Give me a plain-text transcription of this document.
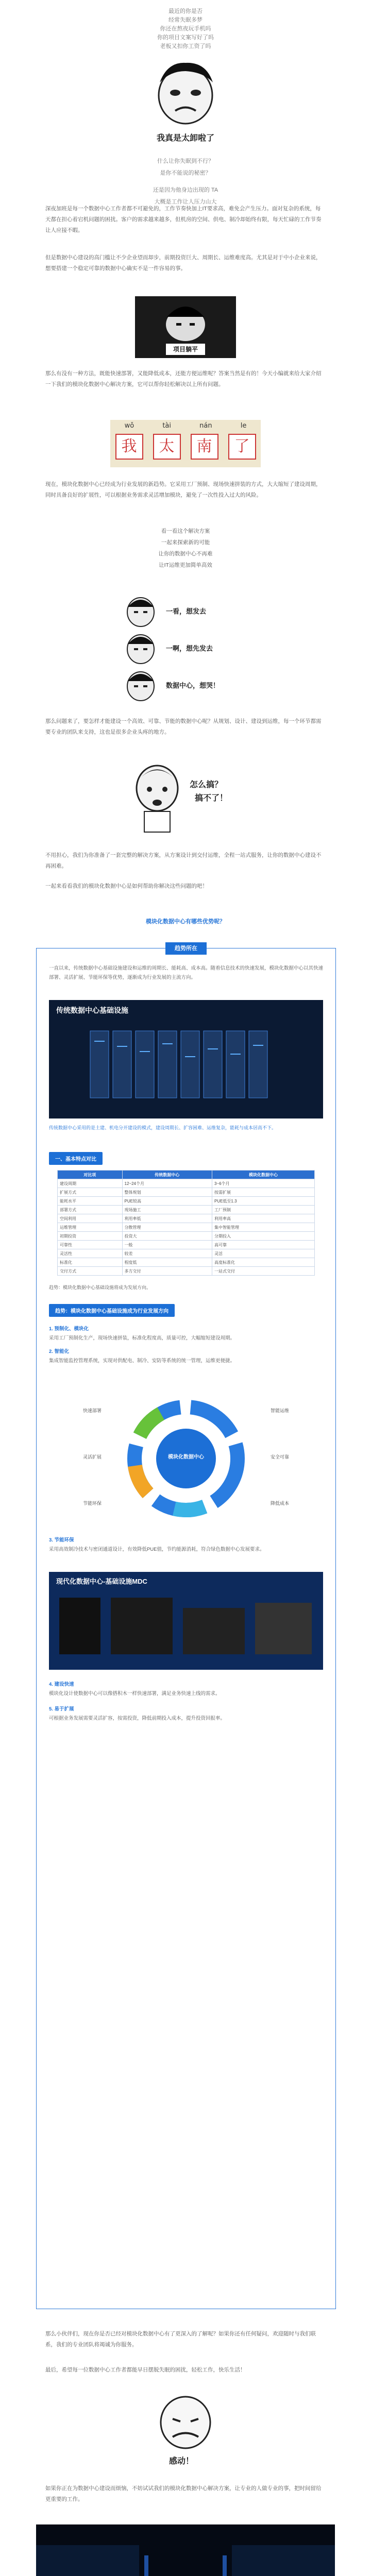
最近的你是否
经常失眠多梦
你还在熬夜玩手机吗
你的项目文案写好了吗
老板又扣你工资了吗
我真是太卸啦了
什么让你失眠到不行？
是你不能说的秘密？
还是因为他身边出现的 TA
大概是工作让人压力山大

深夜加班是每一个数据中心工作者都不可避免的，工作节奏快加上IT要求高，难免会产生压力。面对复杂的系统，每天都在担心着宕机问题的困扰。客户的需求越来越多，但机房的空间、供电、制冷却始终有限，每天忙碌的工作节奏让人应接不暇。

但是数据中心建设的高门槛让不少企业望而却步，前期投资巨大、周期长、运维难度高。尤其是对于中小企业来说，想要搭建一个稳定可靠的数据中心确实不是一件容易的事。

项目躺平

那么有没有一种方法，既能快速部署，又能降低成本，还能方便运维呢？答案当然是有的！今天小编就来给大家介绍一下我们的模块化数据中心解决方案，它可以帮你轻松解决以上所有问题。

wǒ	tài	nán	le
我	太	南	了

现在，模块化数据中心已经成为行业发展的新趋势。它采用工厂预制、现场快速拼装的方式，大大缩短了建设周期，同时具备良好的扩展性，可以根据业务需求灵活增加模块，避免了一次性投入过大的风险。

看一看这个解决方案
一起来探索新的可能
让你的数据中心不再难
让IT运维更加简单高效
一看，想发去
一啊，想先发去
数据中心，想哭！

那么问题来了，要怎样才能建设一个高效、可靠、节能的数据中心呢？从规划、设计、建设到运维，每一个环节都需要专业的团队来支持，这也是很多企业头疼的地方。

怎么搞？
搞不了！

不用担心，我们为你准备了一套完整的解决方案，从方案设计到交付运维，全程一站式服务，让你的数据中心建设不再困难。

一起来看看我们的模块化数据中心是如何帮助你解决这些问题的吧！

模块化数据中心有哪些优势呢？
趋势所在
一直以来，传统数据中心基础设施建设和运维的周期长、能耗高、成本高。随着信息技术的快速发展，模块化数据中心以其快速部署、灵活扩展、节能环保等优势，逐渐成为行业发展的主流方向。
传统数据中心基础设施
传统数据中心采用的是土建、机电分开建设的模式，建设周期长、扩容困难、运维复杂，能耗与成本居高不下。
一、基本特点对比
对比项	传统数据中心	模块化数据中心
建设周期	12~24个月	3~6个月
扩展方式	整体规划	按需扩展
能耗水平	PUE较高	PUE低至1.3
部署方式	现场施工	工厂预制
空间利用	利用率低	利用率高
运维管理	分散管理	集中智能管理
初期投资	投资大	分期投入
可靠性	一般	高可靠
灵活性	较差	灵活
标准化	程度低	高度标准化
交付方式	多方交付	一站式交付
趋势：模块化数据中心基础设施将成为发展方向。
趋势：模块化数据中心基础设施成为行业发展方向
1. 预制化、模块化
采用工厂预制化生产，现场快速拼装，标准化程度高，质量可控，大幅缩短建设周期。
2. 智能化
集成智能监控管理系统，实现对供配电、制冷、安防等系统的统一管理，运维更便捷。
模块化数据中心
快速部署
灵活扩展
节能环保
智能运维
安全可靠
降低成本
3. 节能环保
采用高效制冷技术与密闭通道设计，有效降低PUE值，节约能源消耗，符合绿色数据中心发展要求。
现代化数据中心-基础设施MDC
4. 建设快速
模块化设计使数据中心可以像搭积木一样快速部署，满足业务快速上线的需求。
5. 易于扩展
可根据业务发展需要灵活扩容，按需投资，降低前期投入成本，提升投资回报率。

那么小伙伴们，现在你是否已经对模块化数据中心有了更深入的了解呢？如果你还有任何疑问，欢迎随时与我们联系，我们的专业团队将竭诚为你服务。

最后，希望每一位数据中心工作者都能早日摆脱失眠的困扰，轻松工作，快乐生活！

感动！

如果你正在为数据中心建设而烦恼，不妨试试我们的模块化数据中心解决方案，让专业的人做专业的事，把时间留给更重要的工作。
